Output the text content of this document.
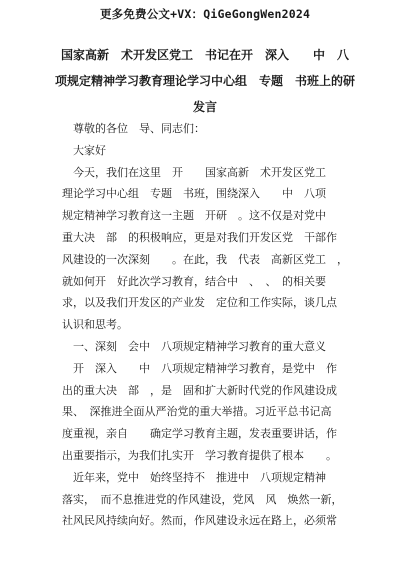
更多免费公文+VX：QiGeGongWen2024
国家高新　术开发区党工　书记在开　深入　　中　八
项规定精神学习教育理论学习中心组　专题　书班上的研
发言
　尊敬的各位　导、同志们：
　大家好
　今天，我们在这里　开　　国家高新　术开发区党工
理论学习中心组　专题　书班，围绕深入　　中　八项
规定精神学习教育这一主题　开研　。这不仅是对党中
重大决　部　的积极响应，更是对我们开发区党　干部作
风建设的一次深刻　　。在此，我　代表　高新区党工　，
就如何开　好此次学习教育，结合中　、　、　的相关要
求，以及我们开发区的产业发　定位和工作实际，谈几点
认识和思考。
　一、深刻　会中　八项规定精神学习教育的重大意义
　开　深入　　中　八项规定精神学习教育，是党中　作
出的重大决　部　，是　固和扩大新时代党的作风建设成
果、　深推进全面从严治党的重大举措。习近平总书记高
度重视，亲自　　确定学习教育主题，发表重要讲话，作
出重要指示，为我们扎实开　学习教育提供了根本　　。
　近年来，党中　始终坚持不　推进中　八项规定精神
落实，　而不息推进党的作风建设，党风　风　焕然一新，
社风民风持续向好。然而，作风建设永远在路上，必须常
